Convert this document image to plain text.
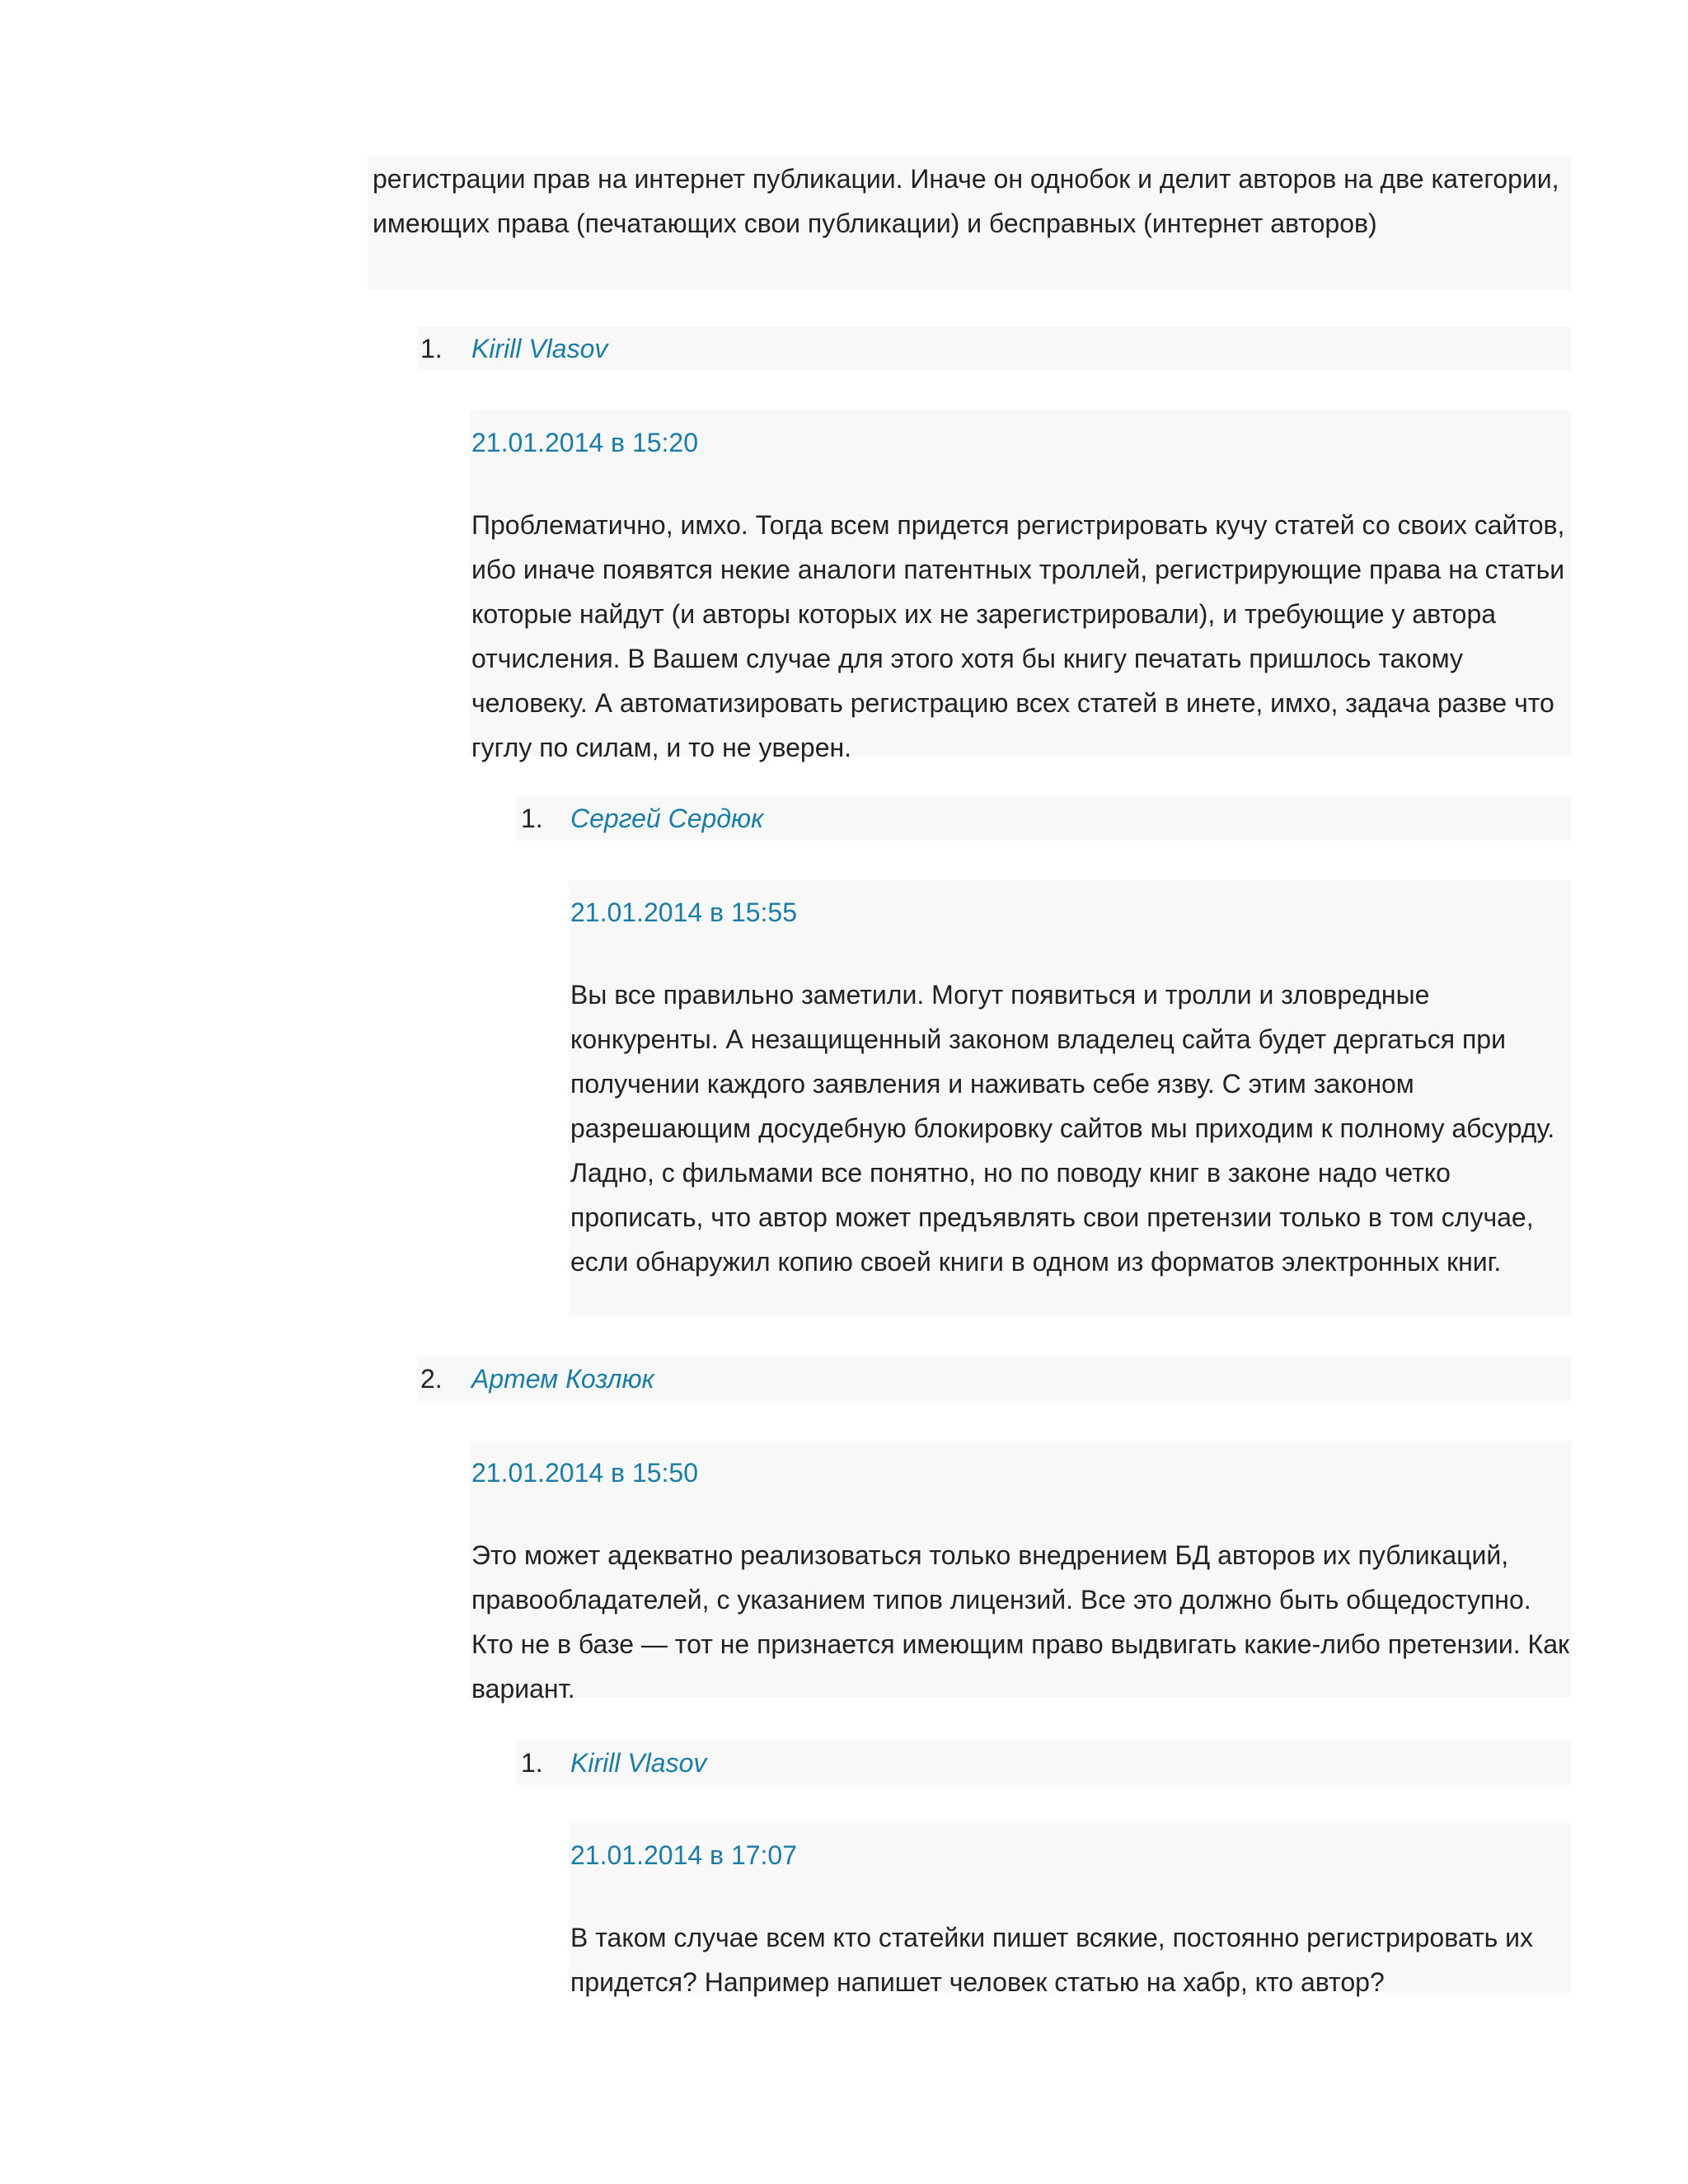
регистрации прав на интернет публикации. Иначе он однобок и делит авторов на две категории, имеющих права (печатающих свои публикации) и бесправных (интернет авторов)

1.	Kirill Vlasov
21.01.2014 в 15:20

Проблематично, имхо. Тогда всем придется регистрировать кучу статей со своих сайтов, ибо иначе появятся некие аналоги патентных троллей, регистрирующие права на статьи которые найдут (и авторы которых их не зарегистрировали), и требующие у автора отчисления. В Вашем случае для этого хотя бы книгу печатать пришлось такому человеку. А автоматизировать регистрацию всех статей в инете, имхо, задача разве что гуглу по силам, и то не уверен.

1.	Сергей Сердюк
21.01.2014 в 15:55

Вы все правильно заметили. Могут появиться и тролли и зловредные конкуренты. А незащищенный законом владелец сайта будет дергаться при получении каждого заявления и наживать себе язву. С этим законом разрешающим досудебную блокировку сайтов мы приходим к полному абсурду. Ладно, с фильмами все понятно, но по поводу книг в законе надо четко прописать, что автор может предъявлять свои претензии только в том случае, если обнаружил копию своей книги в одном из форматов электронных книг.

2.	Артем Козлюк
21.01.2014 в 15:50

Это может адекватно реализоваться только внедрением БД авторов их публикаций, правообладателей, с указанием типов лицензий. Все это должно быть общедоступно. Кто не в базе — тот не признается имеющим право выдвигать какие-либо претензии. Как вариант.

1.	Kirill Vlasov
21.01.2014 в 17:07

В таком случае всем кто статейки пишет всякие, постоянно регистрировать их придется? Например напишет человек статью на хабр, кто автор?
